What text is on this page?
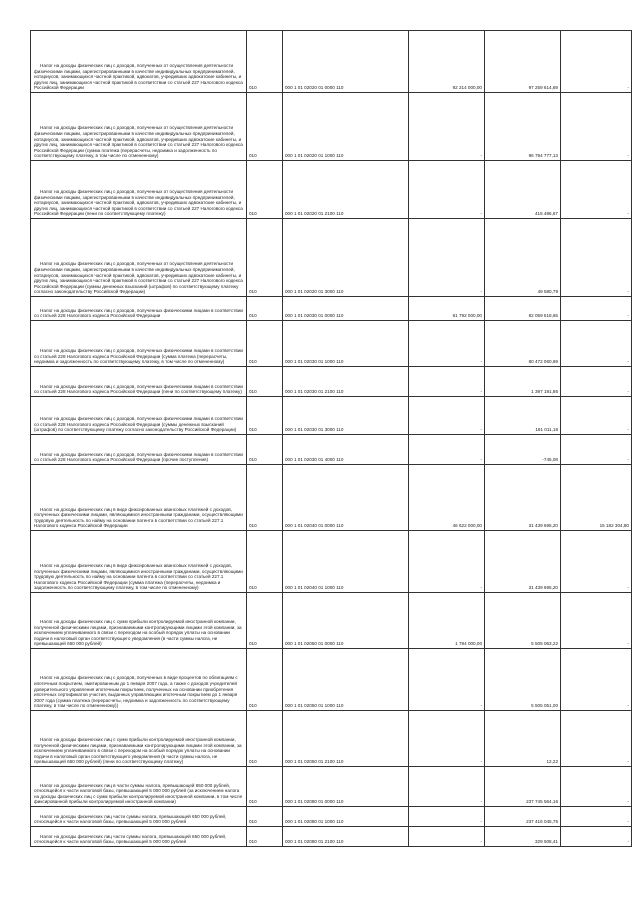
Налог на доходы физических лиц с доходов, полученных от осуществления деятельности физическими лицами, зарегистрированными в качестве индивидуальных предпринимателей, нотариусов, занимающихся частной практикой, адвокатов, учредивших адвокатские кабинеты, и других лиц, занимающихся частной практикой в соответствии со статьей 227 Налогового кодекса Российской Федерации	010	000 1 01 02020 01 0000 110	92 214 000,00	97 259 614,69	-

Налог на доходы физических лиц с доходов, полученных от осуществления деятельности физическими лицами, зарегистрированными в качестве индивидуальных предпринимателей, нотариусов, занимающихся частной практикой, адвокатов, учредивших адвокатские кабинеты, и других лиц, занимающихся частной практикой в соответствии со статьей 227 Налогового кодекса Российской Федерации (сумма платежа (перерасчеты, недоимка и задолженность по соответствующему платежу, в том числе по отмененному)	010	000 1 01 02020 01 1000 110	-	96 794 777,13	-

Налог на доходы физических лиц с доходов, полученных от осуществления деятельности физическими лицами, зарегистрированными в качестве индивидуальных предпринимателей, нотариусов, занимающихся частной практикой, адвокатов, учредивших адвокатские кабинеты, и других лиц, занимающихся частной практикой в соответствии со статьей 227 Налогового кодекса Российской Федерации (пени по соответствующему платежу)	010	000 1 01 02020 01 2100 110	-	415 486,67	-

Налог на доходы физических лиц с доходов, полученных от осуществления деятельности физическими лицами, зарегистрированными в качестве индивидуальных предпринимателей, нотариусов, занимающихся частной практикой, адвокатов, учредивших адвокатские кабинеты, и других лиц, занимающихся частной практикой в соответствии со статьей 227 Налогового кодекса Российской Федерации (суммы денежных взысканий (штрафов) по соответствующему платежу согласно законодательству Российской Федерации)	010	000 1 01 02020 01 3000 110	-	49 580,79	-

Налог на доходы физических лиц с доходов, полученных физическими лицами в соответствии со статьей 228 Налогового кодекса Российской Федерации	010	000 1 01 02030 01 0000 110	61 792 000,00	82 059 518,65	-

Налог на доходы физических лиц с доходов, полученных физическими лицами в соответствии со статьей 228 Налогового кодекса Российской Федерации (сумма платежа (перерасчеты, недоимка и задолженность по соответствующему платежу, в том числе по отмененному)	010	000 1 01 02030 01 1000 110	-	80 472 060,69	-

Налог на доходы физических лиц с доходов, полученных физическими лицами в соответствии со статьей 228 Налогового кодекса Российской Федерации (пени по соответствующему платежу)	010	000 1 01 02030 01 2100 110	-	1 397 191,86	-

Налог на доходы физических лиц с доходов, полученных физическими лицами в соответствии со статьей 228 Налогового кодекса Российской Федерации (суммы денежных взысканий (штрафов) по соответствующему платежу согласно законодательству Российской Федерации)	010	000 1 01 02030 01 3000 110	-	191 011,18	-

Налог на доходы физических лиц с доходов, полученных физическими лицами в соответствии со статьей 228 Налогового кодекса Российской Федерации (прочие поступления)	010	000 1 01 02030 01 4000 110	-	-745,08	-

Налог на доходы физических лиц в виде фиксированных авансовых платежей с доходов, полученных физическими лицами, являющимися иностранными гражданами, осуществляющими трудовую деятельность по найму на основании патента в соответствии со статьей 227.1 Налогового кодекса Российской Федерации	010	000 1 01 02040 01 0000 110	46 622 000,00	31 439 695,20	15 182 304,80

Налог на доходы физических лиц в виде фиксированных авансовых платежей с доходов, полученных физическими лицами, являющимися иностранными гражданами, осуществляющими трудовую деятельность по найму на основании патента в соответствии со статьей 227.1 Налогового кодекса Российской Федерации (сумма платежа (перерасчеты, недоимка и задолженность по соответствующему платежу, в том числе по отмененному)	010	000 1 01 02040 01 1000 110	-	31 439 695,20	-

Налог на доходы физических лиц с сумм прибыли контролируемой иностранной компании, полученной физическими лицами, признаваемыми контролирующими лицами этой компании, за исключением уплачиваемого в связи с переходом на особый порядок уплаты на основании подачи в налоговый орган соответствующего уведомления (в части суммы налога, не превышающей 650 000 рублей)	010	000 1 01 02050 01 0000 110	1 784 000,00	5 505 063,22	-

Налог на доходы физических лиц с доходов, полученных в виде процентов по облигациям с ипотечным покрытием, эмитированным до 1 января 2007 года, а также с доходов учредителей доверительного управления ипотечным покрытием, полученных на основании приобретения ипотечных сертификатов участия, выданных управляющим ипотечным покрытием до 1 января 2007 года (сумма платежа (перерасчеты, недоимка и задолженность по соответствующему платежу, в том числе по отмененному))	010	000 1 01 02050 01 1000 110	-	5 505 051,00	-

Налог на доходы физических лиц с сумм прибыли контролируемой иностранной компании, полученной физическими лицами, признаваемыми контролирующими лицами этой компании, за исключением уплачиваемого в связи с переходом на особый порядок уплаты на основании подачи в налоговый орган соответствующего уведомления (в части суммы налога, не превышающей 650 000 рублей) (пени по соответствующему платежу)	010	000 1 01 02050 01 2100 110	-	12,22	-

Налог на доходы физических лиц в части суммы налога, превышающей 650 000 рублей, относящейся к части налоговой базы, превышающей 5 000 000 рублей (за исключением налога на доходы физических лиц с сумм прибыли контролируемой иностранной компании, в том числе фиксированной прибыли контролируемой иностранной компании)	010	000 1 01 02080 01 0000 110	-	237 745 564,16	-

Налог на доходы физических лиц части суммы налога, превышающей 650 000 рублей, относящейся к части налоговой базы, превышающей 5 000 000 рублей	010	000 1 01 02080 01 1000 110	-	237 416 045,75	-

Налог на доходы физических лиц части суммы налога, превышающей 650 000 рублей, относящейся к части налоговой базы, превышающей 5 000 000 рублей	010	000 1 01 02080 01 2100 110	-	329 508,41	-
